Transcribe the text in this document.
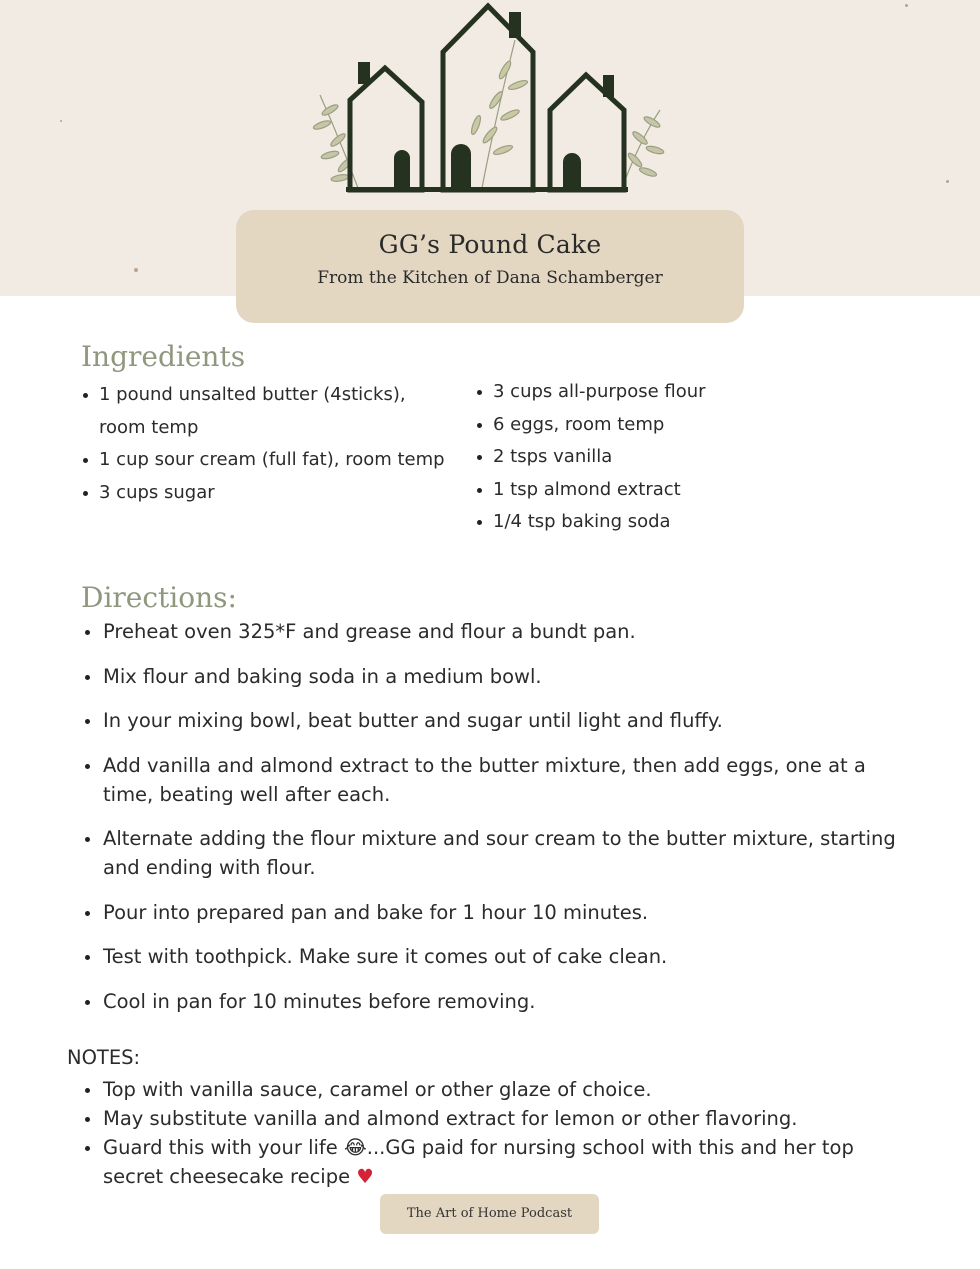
GG’s Pound Cake
From the Kitchen of Dana Schamberger
Ingredients
1 pound unsalted butter (4sticks), room temp
1 cup sour cream (full fat), room temp
3 cups sugar
3 cups all-purpose flour
6 eggs, room temp
2 tsps vanilla
1 tsp almond extract
1/4 tsp baking soda
Directions:
Preheat oven 325*F and grease and flour a bundt pan.
Mix flour and baking soda in a medium bowl.
In your mixing bowl, beat butter and sugar until light and fluffy.
Add vanilla and almond extract to the butter mixture, then add eggs, one at a time, beating well after each.
Alternate adding the flour mixture and sour cream to the butter mixture, starting and ending with flour.
Pour into prepared pan and bake for 1 hour 10 minutes.
Test with toothpick. Make sure it comes out of cake clean.
Cool in pan for 10 minutes before removing.
NOTES:
Top with vanilla sauce, caramel or other glaze of choice.
May substitute vanilla and almond extract for lemon or other flavoring.
Guard this with your life 😂...GG paid for nursing school with this and her top secret cheesecake recipe ♥
The Art of Home Podcast
